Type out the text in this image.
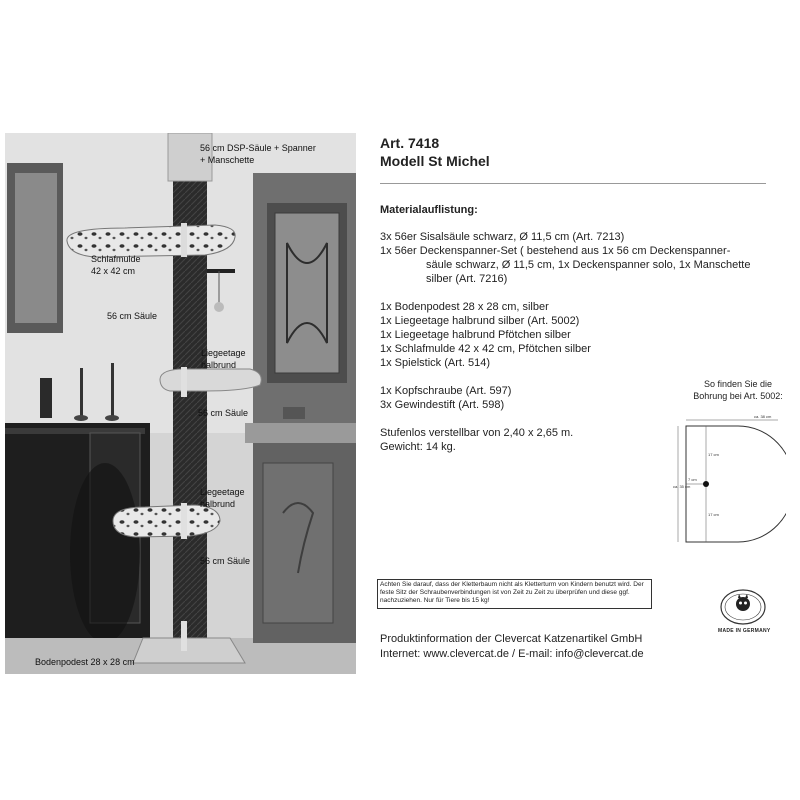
56 cm DSP-Säule + Spanner
+ Manschette
Schlafmulde
42 x 42 cm
56 cm Säule
Liegeetage
halbrund
56 cm Säule
Liegeetage
halbrund
56 cm Säule
Bodenpodest 28 x 28 cm
Art. 7418
Modell St Michel
Materialauflistung:
3x 56er Sisalsäule schwarz, Ø 11,5 cm (Art. 7213)
1x 56er Deckenspanner-Set ( bestehend aus 1x 56 cm Deckenspanner-
säule schwarz, Ø 11,5 cm, 1x Deckenspanner solo, 1x Manschette
silber (Art. 7216)
1x Bodenpodest 28 x 28 cm, silber
1x Liegeetage halbrund silber (Art. 5002)
1x Liegeetage halbrund Pfötchen silber
1x Schlafmulde 42 x 42 cm, Pfötchen silber
1x Spielstick (Art. 514)
1x Kopfschraube (Art. 597)
3x Gewindestift (Art. 598)
Stufenlos verstellbar von 2,40 x 2,65 m.
Gewicht: 14 kg.
So finden Sie die
Bohrung bei Art. 5002:
ca. 38 cm
ca. 35 cm
17 cm
17 cm
7 cm
Achten Sie darauf, dass der Kletterbaum nicht als Kletterturm von Kindern benutzt wird. Der feste Sitz der Schraubenverbindungen ist von Zeit zu Zeit zu überprüfen und diese ggf. nachzuziehen. Nur für Tiere bis 15 kg!
MADE IN GERMANY
Produktinformation der Clevercat Katzenartikel GmbH
Internet: www.clevercat.de / E-mail: info@clevercat.de
